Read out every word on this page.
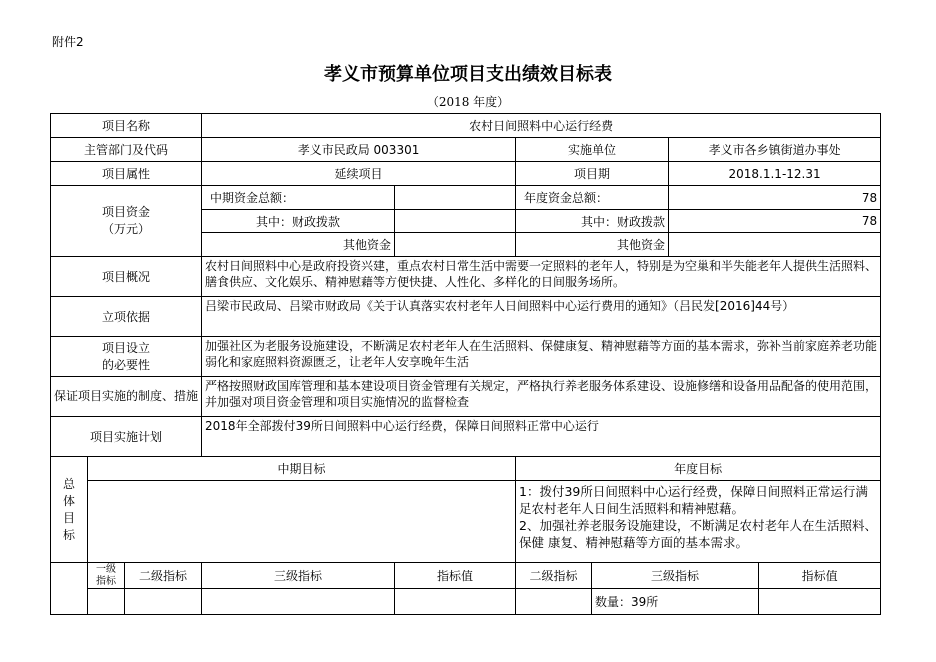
附件2
孝义市预算单位项目支出绩效目标表
（2018 年度）
项目名称			农村日间照料中心运行经费					
主管部门及代码			孝义市民政局 003301		实施单位		孝义市各乡镇街道办事处	
项目属性			延续项目		项目期		2018.1.1-12.31	

项目资金
（万元）			中期资金总额：		年度资金总额：		78	
			其中：财政拨款		其中：财政拨款		78	
			其他资金		其他资金			
项目概况			农村日间照料中心是政府投资兴建，重点农村日常生活中需要一定照料的老年人，特别是为空巢和半失能老年人提供生活照料、膳食供应、文化娱乐、精神慰藉等方便快捷、人性化、多样化的日间服务场所。					
立项依据			吕梁市民政局、吕梁市财政局《关于认真落实农村老年人日间照料中心运行费用的通知》（吕民发[2016]44号）					

项目设立
的必要性			加强社区为老服务设施建设，不断满足农村老年人在生活照料、保健康复、精神慰藉等方面的基本需求，弥补当前家庭养老功能弱化和家庭照料资源匮乏，让老年人安享晚年生活					
保证项目实施的制度、措施			严格按照财政国库管理和基本建设项目资金管理有关规定，严格执行养老服务体系建设、设施修缮和设备用品配备的使用范围，并加强对项目资金管理和项目实施情况的监督检查					
项目实施计划			2018年全部拨付39所日间照料中心运行经费，保障日间照料正常中心运行					

总
体
目
标	中期目标				年度目标			
					1：拨付39所日间照料中心运行经费，保障日间照料正常运行满足农村老年人日间生活照料和精神慰藉。
2、加强社养老服务设施建设，不断满足农村老年人在生活照料、保健 康复、精神慰藉等方面的基本需求。			

	一级
指标	二级指标	三级指标	指标值	二级指标	三级指标		指标值
						数量：39所		
